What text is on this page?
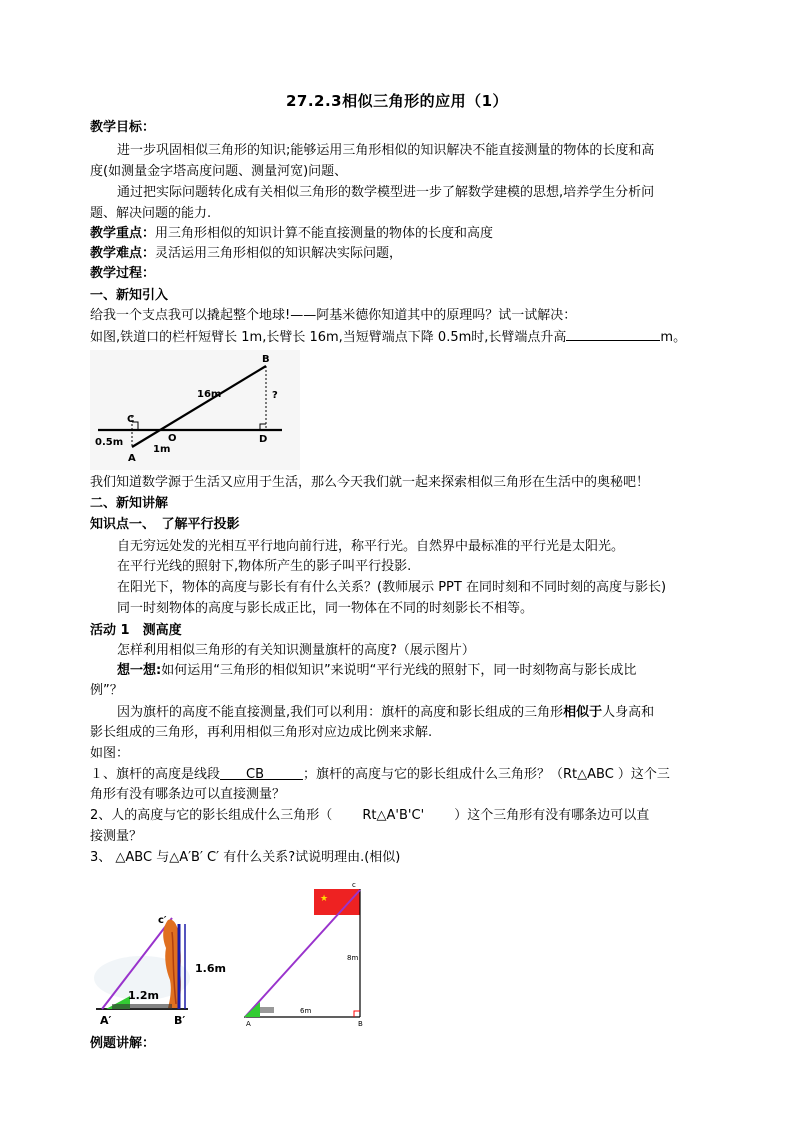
27.2.3相似三角形的应用（1）
教学目标：
进一步巩固相似三角形的知识;能够运用三角形相似的知识解决不能直接测量的物体的长度和高
度(如测量金字塔高度问题、测量河宽)问题、
通过把实际问题转化成有关相似三角形的数学模型进一步了解数学建模的思想,培养学生分析问
题、解决问题的能力.
教学重点：用三角形相似的知识计算不能直接测量的物体的长度和高度
教学难点：灵活运用三角形相似的知识解决实际问题，
教学过程：
一、新知引入
给我一个支点我可以撬起整个地球!——阿基米德你知道其中的原理吗？试一试解决：
如图,铁道口的栏杆短臂长 1m,长臂长 16m,当短臂端点下降 0.5m时,长臂端点升高	m。
B
C
O	D
A
16m
1m
0.5m
?
我们知道数学源于生活又应用于生活，那么今天我们就一起来探索相似三角形在生活中的奥秘吧！
二、新知讲解
知识点一、　 了解平行投影
自无穷远处发的光相互平行地向前行进，称平行光。自然界中最标准的平行光是太阳光。
在平行光线的照射下,物体所产生的影子叫平行投影.
在阳光下，物体的高度与影长有有什么关系？(教师展示 PPT 在同时刻和不同时刻的高度与影长)
同一时刻物体的高度与影长成正比，同一物体在不同的时刻影长不相等。
活动 1　测高度
怎样利用相似三角形的有关知识测量旗杆的高度?（展示图片）
想一想:如何运用“三角形的相似知识”来说明“平行光线的照射下，同一时刻物高与影长成比
例”？
因为旗杆的高度不能直接测量,我们可以利用：旗杆的高度和影长组成的三角形相似于人身高和
影长组成的三角形，再利用相似三角形对应边成比例来求解.
如图：
１、旗杆的高度是线段　　CB　　　；旗杆的高度与它的影长组成什么三角形？（Rt△ABC ）这个三
角形有没有哪条边可以直接测量？
2、人的高度与它的影长组成什么三角形（　　 Rt△A'B'C'　　 ）这个三角形有没有哪条边可以直
接测量？
3、 △ABC 与△A′B′ C′ 有什么关系?试说明理由.(相似)
c′
A′	B′
1.6m
1.2m
★
c
A	B
8m
6m
例题讲解：
